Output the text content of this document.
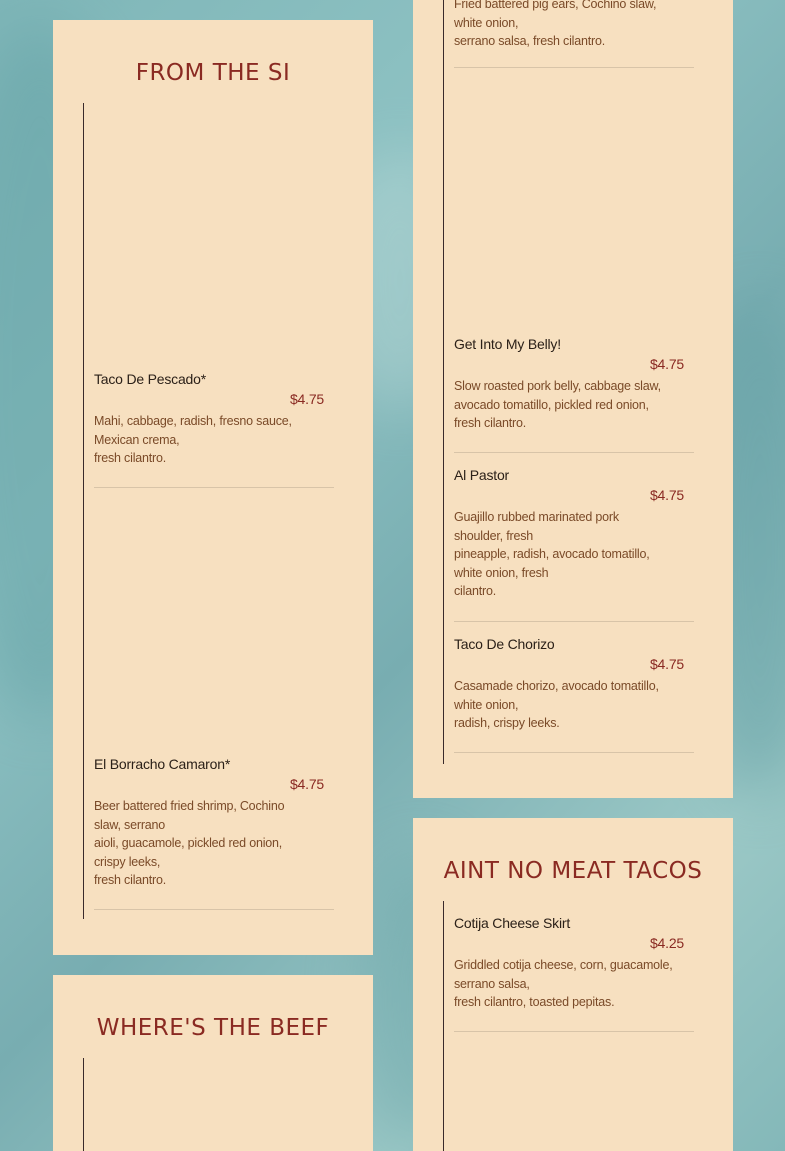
FROM THE SI
Taco De Pescado*
$4.75
Mahi, cabbage, radish, fresno sauce,
Mexican crema,
fresh cilantro.
El Borracho Camaron*
$4.75
Beer battered fried shrimp, Cochino
slaw, serrano
aioli, guacamole, pickled red onion,
crispy leeks,
fresh cilantro.
WHERE'S THE BEEF
Fried battered pig ears, Cochino slaw,
white onion,
serrano salsa, fresh cilantro.
Get Into My Belly!
$4.75
Slow roasted pork belly, cabbage slaw,
avocado tomatillo, pickled red onion,
fresh cilantro.
Al Pastor
$4.75
Guajillo rubbed marinated pork
shoulder, fresh
pineapple, radish, avocado tomatillo,
white onion, fresh
cilantro.
Taco De Chorizo
$4.75
Casamade chorizo, avocado tomatillo,
white onion,
radish, crispy leeks.
AINT NO MEAT TACOS
Cotija Cheese Skirt
$4.25
Griddled cotija cheese, corn, guacamole,
serrano salsa,
fresh cilantro, toasted pepitas.
